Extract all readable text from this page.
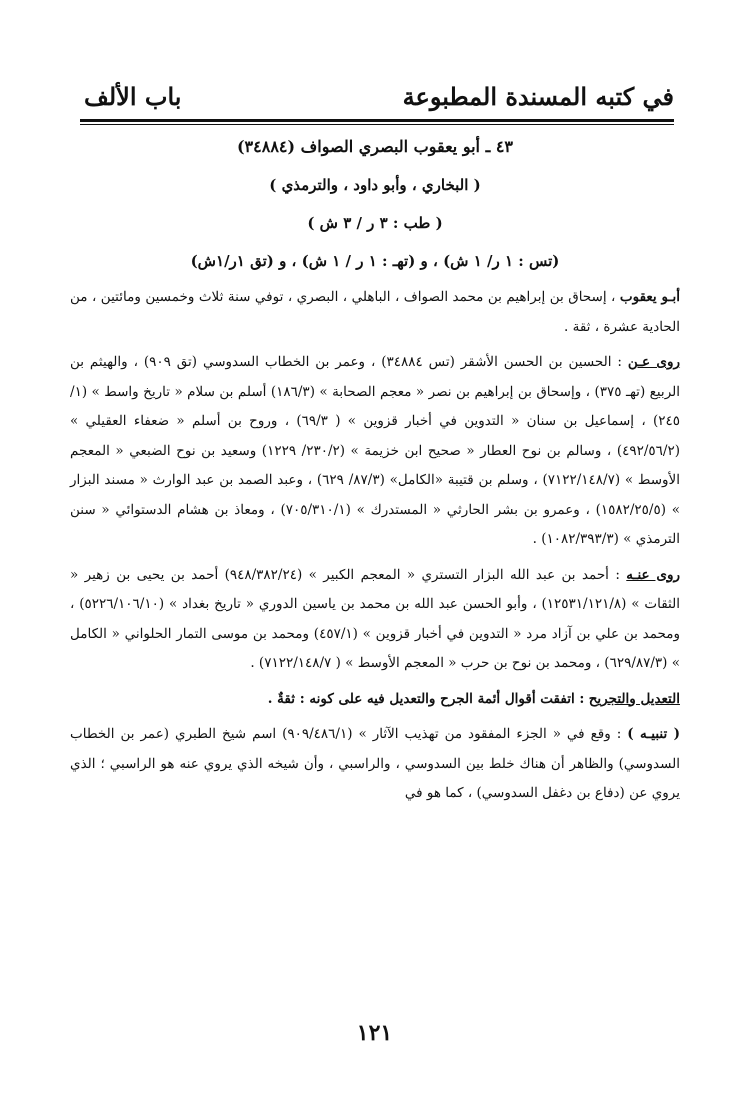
في كتبه المسندة المطبوعة
باب الألف
٤٣ ـ أبو يعقوب البصري الصواف (٣٤٨٨٤)
( البخاري ، وأبو داود ، والترمذي )
( طب : ٣ ر / ٣ ش )
(تس : ١ ر/ ١ ش) ، و (تهـ : ١ ر / ١ ش) ، و (تق ١ر/١ش)
أبـو يعقوب ، إسحاق بن إبراهيم بن محمد الصواف ، الباهلي ، البصري ، توفي سنة ثلاث وخمسين ومائتين ، من الحادية عشرة ، ثقة .
روى عـن : الحسين بن الحسن الأشقر (تس ٣٤٨٨٤) ، وعمر بن الخطاب السدوسي (تق ٩٠٩) ، والهيثم بن الربيع (تهـ ٣٧٥) ، وإسحاق بن إبراهيم بن نصر « معجم الصحابة » (١٨٦/٣) أسلم بن سلام « تاريخ واسط » (١/ ٢٤٥) ، إسماعيل بن سنان « التدوين في أخبار قزوين » ( ٦٩/٣) ، وروح بن أسلم « ضعفاء العقيلي » (٤٩٢/٥٦/٢) ، وسالم بن نوح العطار « صحيح ابن خزيمة » (٢٣٠/٢/ ١٢٢٩) وسعيد بن نوح الضبعي « المعجم الأوسط » (٧١٢٢/١٤٨/٧) ، وسلم بن قتيبة «الكامل» (٨٧/٣/ ٦٢٩) ، وعبد الصمد بن عبد الوارث « مسند البزار » (١٥٨٢/٢٥/٥) ، وعمرو بن بشر الحارثي « المستدرك » (٧٠٥/٣١٠/١) ، ومعاذ بن هشام الدستوائي « سنن الترمذي » (١٠٨٢/٣٩٣/٣) .
روى عنـه : أحمد بن عبد الله البزار التستري « المعجم الكبير » (٩٤٨/٣٨٢/٢٤) أحمد بن يحيى بن زهير « الثقات » (١٢٥٣١/١٢١/٨) ، وأبو الحسن عبد الله بن محمد بن ياسين الدوري « تاريخ بغداد » (٥٢٢٦/١٠٦/١٠) ، ومحمد بن علي بن آزاد مرد « التدوين في أخبار قزوين » (٤٥٧/١) ومحمد بن موسى التمار الحلواني « الكامل » (٦٢٩/٨٧/٣) ، ومحمد بن نوح بن حرب « المعجم الأوسط » ( ٧١٢٢/١٤٨/٧) .
التعديل والتجريح : اتفقت أقوال أئمة الجرح والتعديل فيه على كونه : ثقةٌ .
( تنبيـه ) : وقع في « الجزء المفقود من تهذيب الآثار » (٩٠٩/٤٨٦/١) اسم شيخ الطبري (عمر بن الخطاب السدوسي) والظاهر أن هناك خلط بين السدوسي ، والراسبي ، وأن شيخه الذي يروي عنه هو الراسبي ؛ الذي يروي عن (دفاع بن دغفل السدوسي) ، كما هو في
١٢١
